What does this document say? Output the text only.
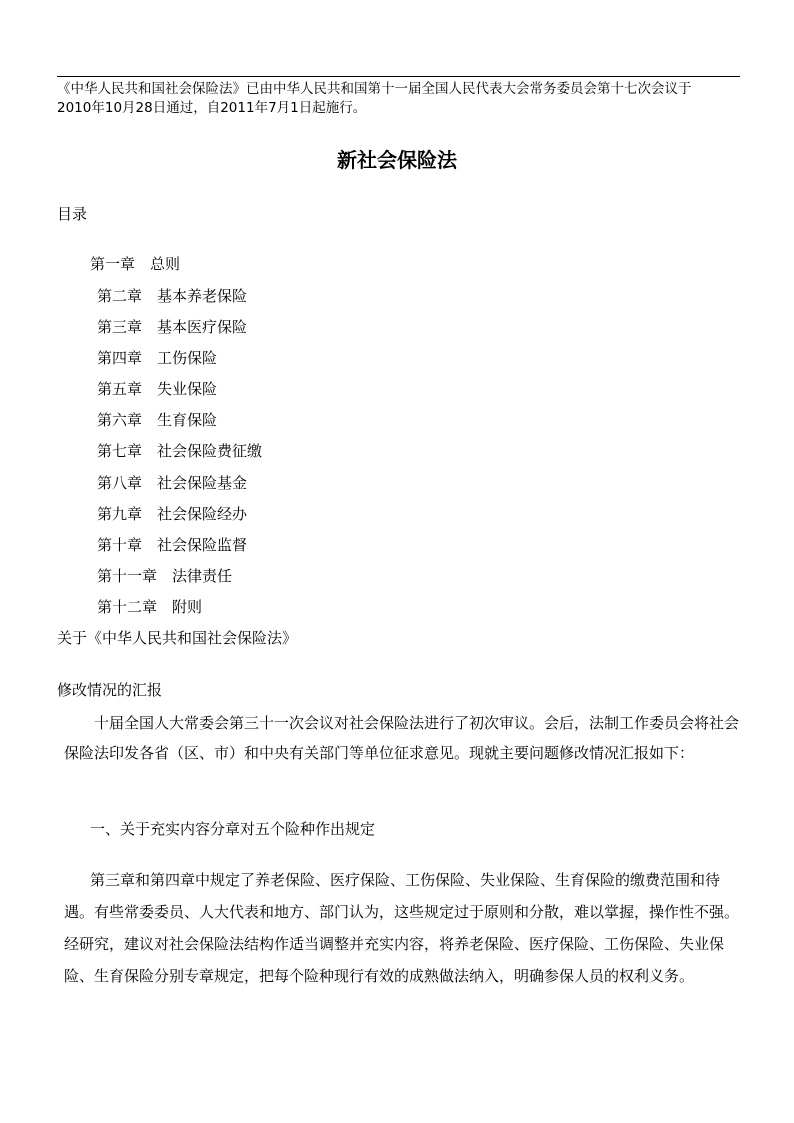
《中华人民共和国社会保险法》已由中华人民共和国第十一届全国人民代表大会常务委员会第十七次会议于

2010年10月28日通过，自2011年7月1日起施行。

新社会保险法
目录
第一章 总则
第二章 基本养老保险
第三章 基本医疗保险
第四章 工伤保险
第五章 失业保险
第六章 生育保险
第七章 社会保险费征缴
第八章 社会保险基金
第九章 社会保险经办
第十章 社会保险监督
第十一章 法律责任
第十二章 附则
关于《中华人民共和国社会保险法》
修改情况的汇报

十届全国人大常委会第三十一次会议对社会保险法进行了初次审议。会后，法制工作委员会将社会保险法印发各省（区、市）和中央有关部门等单位征求意见。现就主要问题修改情况汇报如下：

一、关于充实内容分章对五个险种作出规定

第三章和第四章中规定了养老保险、医疗保险、工伤保险、失业保险、生育保险的缴费范围和待遇。有些常委委员、人大代表和地方、部门认为，这些规定过于原则和分散，难以掌握，操作性不强。经研究，建议对社会保险法结构作适当调整并充实内容，将养老保险、医疗保险、工伤保险、失业保险、生育保险分别专章规定，把每个险种现行有效的成熟做法纳入，明确参保人员的权利义务。
